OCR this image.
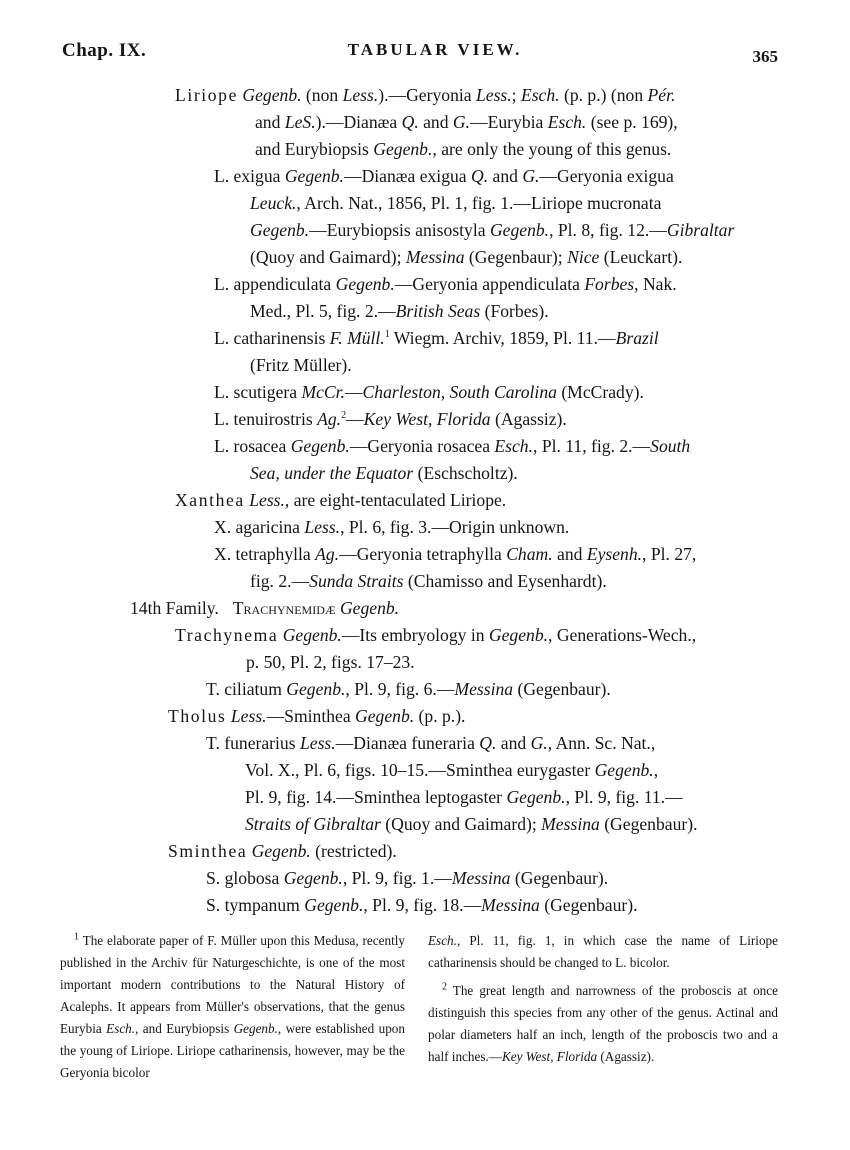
Chap. IX.	TABULAR VIEW.	365
Liriope Gegenb. (non Less.).—Geryonia Less.; Esch. (p. p.) (non Pér.
and LeS.).—Dianæa Q. and G.—Eurybia Esch. (see p. 169),
and Eurybiopsis Gegenb., are only the young of this genus.
L. exigua Gegenb.—Dianæa exigua Q. and G.—Geryonia exigua
Leuck., Arch. Nat., 1856, Pl. 1, fig. 1.—Liriope mucronata
Gegenb.—Eurybiopsis anisostyla Gegenb., Pl. 8, fig. 12.—Gibraltar
(Quoy and Gaimard); Messina (Gegenbaur); Nice (Leuckart).
L. appendiculata Gegenb.—Geryonia appendiculata Forbes, Nak.
Med., Pl. 5, fig. 2.—British Seas (Forbes).
L. catharinensis F. Müll.$^1$ Wiegm. Archiv, 1859, Pl. 11.—Brazil
(Fritz Müller).
L. scutigera McCr.—Charleston, South Carolina (McCrady).
L. tenuirostris Ag.$^2$—Key West, Florida (Agassiz).
L. rosacea Gegenb.—Geryonia rosacea Esch., Pl. 11, fig. 2.—South
Sea, under the Equator (Eschscholtz).
Xanthea Less., are eight-tentaculated Liriope.
X. agaricina Less., Pl. 6, fig. 3.—Origin unknown.
X. tetraphylla Ag.—Geryonia tetraphylla Cham. and Eysenh., Pl. 27,
fig. 2.—Sunda Straits (Chamisso and Eysenhardt).
14th Family. Trachynemidæ Gegenb.
Trachynema Gegenb.—Its embryology in Gegenb., Generations-Wech.,
p. 50, Pl. 2, figs. 17–23.
T. ciliatum Gegenb., Pl. 9, fig. 6.—Messina (Gegenbaur).
Tholus Less.—Sminthea Gegenb. (p. p.).
T. funerarius Less.—Dianæa funeraria Q. and G., Ann. Sc. Nat.,
Vol. X., Pl. 6, figs. 10–15.—Sminthea eurygaster Gegenb.,
Pl. 9, fig. 14.—Sminthea leptogaster Gegenb., Pl. 9, fig. 11.—
Straits of Gibraltar (Quoy and Gaimard); Messina (Gegenbaur).
Sminthea Gegenb. (restricted).
S. globosa Gegenb., Pl. 9, fig. 1.—Messina (Gegenbaur).
S. tympanum Gegenb., Pl. 9, fig. 18.—Messina (Gegenbaur).

$^1$ The elaborate paper of F. Müller upon this Medusa, recently published in the Archiv für Naturgeschichte, is one of the most important modern contributions to the Natural History of Acalephs. It appears from Müller's observations, that the genus Eurybia Esch., and Eurybiopsis Gegenb., were established upon the young of Liriope. Liriope catharinensis, however, may be the Geryonia bicolor

Esch., Pl. 11, fig. 1, in which case the name of Liriope catharinensis should be changed to L. bicolor.

$^2$ The great length and narrowness of the proboscis at once distinguish this species from any other of the genus. Actinal and polar diameters half an inch, length of the proboscis two and a half inches.—Key West, Florida (Agassiz).
